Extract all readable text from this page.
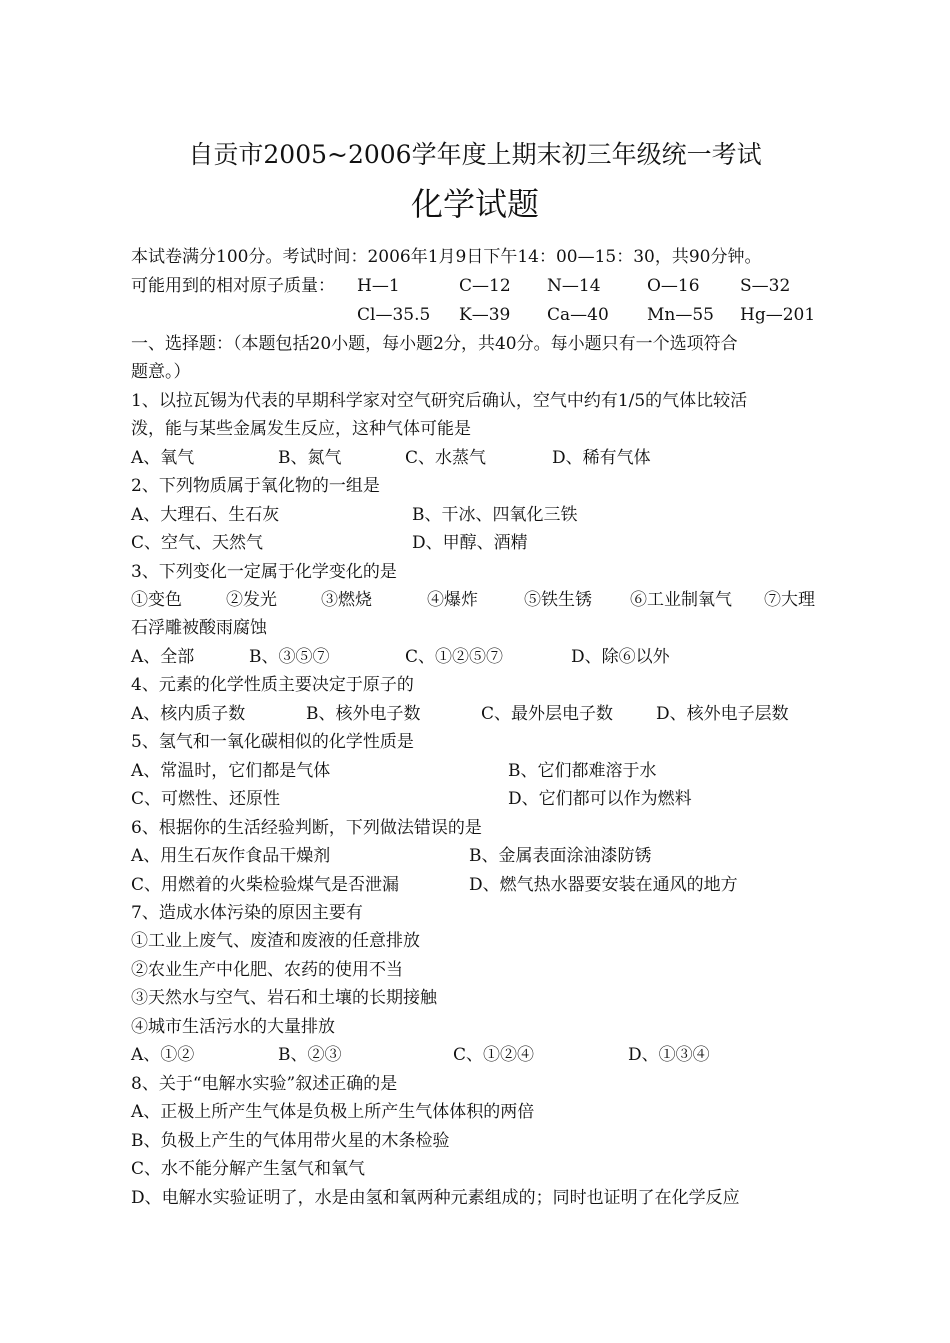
自贡市2005~2006学年度上期末初三年级统一考试
化学试题
本试卷满分100分。考试时间：2006年1月9日下午14：00—15：30，共90分钟。
可能用到的相对原子质量： H—1	C—12 N—14	O—16 S—32
Cl—35.5 K—39 Ca—40 Mn—55 Hg—201
一、选择题：（本题包括20小题，每小题2分，共40分。每小题只有一个选项符合
题意。）
1、以拉瓦锡为代表的早期科学家对空气研究后确认，空气中约有1/5的气体比较活
泼，能与某些金属发生反应，这种气体可能是
A、氧气	B、氮气	C、水蒸气	D、稀有气体
2、下列物质属于氧化物的一组是
A、大理石、生石灰	B、干冰、四氧化三铁
C、空气、天然气	D、甲醇、酒精
3、下列变化一定属于化学变化的是
①变色	②发光	③燃烧	④爆炸	⑤铁生锈 ⑥工业制氧气 ⑦大理
石浮雕被酸雨腐蚀
A、全部	B、③⑤⑦	C、①②⑤⑦	D、除⑥以外
4、元素的化学性质主要决定于原子的
A、核内质子数	B、核外电子数	C、最外层电子数	D、核外电子层数
5、氢气和一氧化碳相似的化学性质是
A、常温时，它们都是气体	B、它们都难溶于水
C、可燃性、还原性	D、它们都可以作为燃料
6、根据你的生活经验判断，下列做法错误的是
A、用生石灰作食品干燥剂	B、金属表面涂油漆防锈
C、用燃着的火柴检验煤气是否泄漏	D、燃气热水器要安装在通风的地方
7、造成水体污染的原因主要有
①工业上废气、废渣和废液的任意排放
②农业生产中化肥、农药的使用不当
③天然水与空气、岩石和土壤的长期接触
④城市生活污水的大量排放
A、①②	B、②③	C、①②④	D、①③④
8、关于“电解水实验”叙述正确的是
A、正极上所产生气体是负极上所产生气体体积的两倍
B、负极上产生的气体用带火星的木条检验
C、水不能分解产生氢气和氧气
D、电解水实验证明了，水是由氢和氧两种元素组成的；同时也证明了在化学反应
